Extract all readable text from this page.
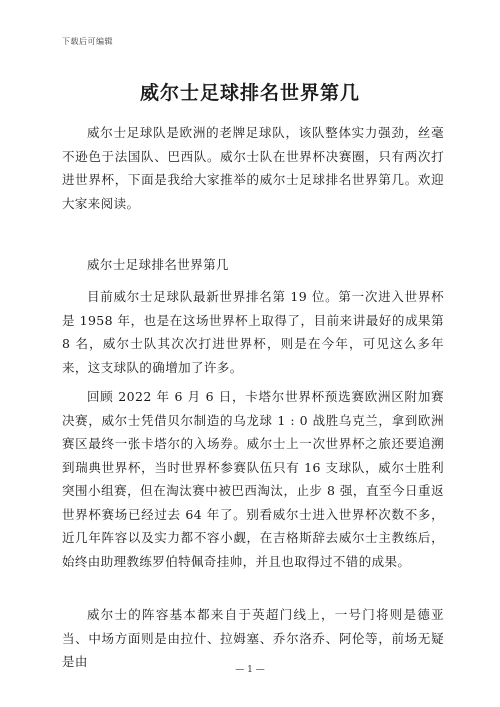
下载后可编辑
威尔士足球排名世界第几

威尔士足球队是欧洲的老牌足球队，该队整体实力强劲，丝毫不逊色于法国队、巴西队。威尔士队在世界杯决赛圈，只有两次打进世界杯，下面是我给大家推举的威尔士足球排名世界第几。欢迎大家来阅读。

威尔士足球排名世界第几

目前威尔士足球队最新世界排名第 19 位。第一次进入世界杯是 1958 年，也是在这场世界杯上取得了，目前来讲最好的成果第 8 名，威尔士队其次次打进世界杯，则是在今年，可见这么多年来，这支球队的确增加了许多。

回顾 2022 年 6 月 6 日，卡塔尔世界杯预选赛欧洲区附加赛决赛，威尔士凭借贝尔制造的乌龙球 1 : 0 战胜乌克兰，拿到欧洲赛区最终一张卡塔尔的入场券。威尔士上一次世界杯之旅还要追溯到瑞典世界杯，当时世界杯参赛队伍只有 16 支球队，威尔士胜利突围小组赛，但在淘汰赛中被巴西淘汰，止步 8 强，直至今日重返世界杯赛场已经过去 64 年了。别看威尔士进入世界杯次数不多，近几年阵容以及实力都不容小觑，在吉格斯辞去威尔士主教练后，始终由助理教练罗伯特佩奇挂帅，并且也取得过不错的成果。

威尔士的阵容基本都来自于英超门线上，一号门将则是德亚当、中场方面则是由拉什、拉姆塞、乔尔洛乔、阿伦等，前场无疑是由

— 1 —
